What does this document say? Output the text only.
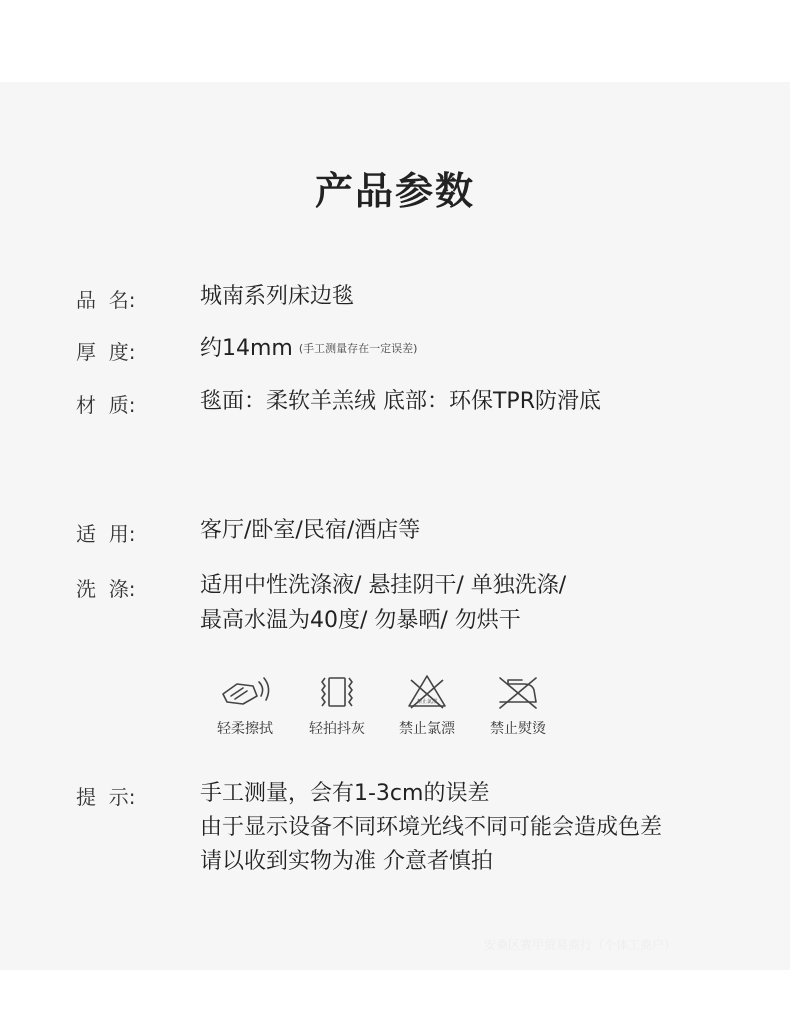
产品参数
品  名:	城南系列床边毯
厚  度:	约14mm (手工测量存在一定误差)
材  质:	毯面：柔软羊羔绒 底部：环保TPR防滑底
适  用:	客厅/卧室/民宿/酒店等
洗  涤:	适用中性洗涤液/ 悬挂阴干/ 单独洗涤/
最高水温为40度/ 勿暴晒/ 勿烘干
轻柔擦拭	轻拍抖灰
禁止氯漂
禁止氯漂	禁止熨烫
提  示:	手工测量，会有1-3cm的误差
由于显示设备不同环境光线不同可能会造成色差
请以收到实物为准 介意者慎拍
安桑区赛甲贸易商行（个体工商户）
